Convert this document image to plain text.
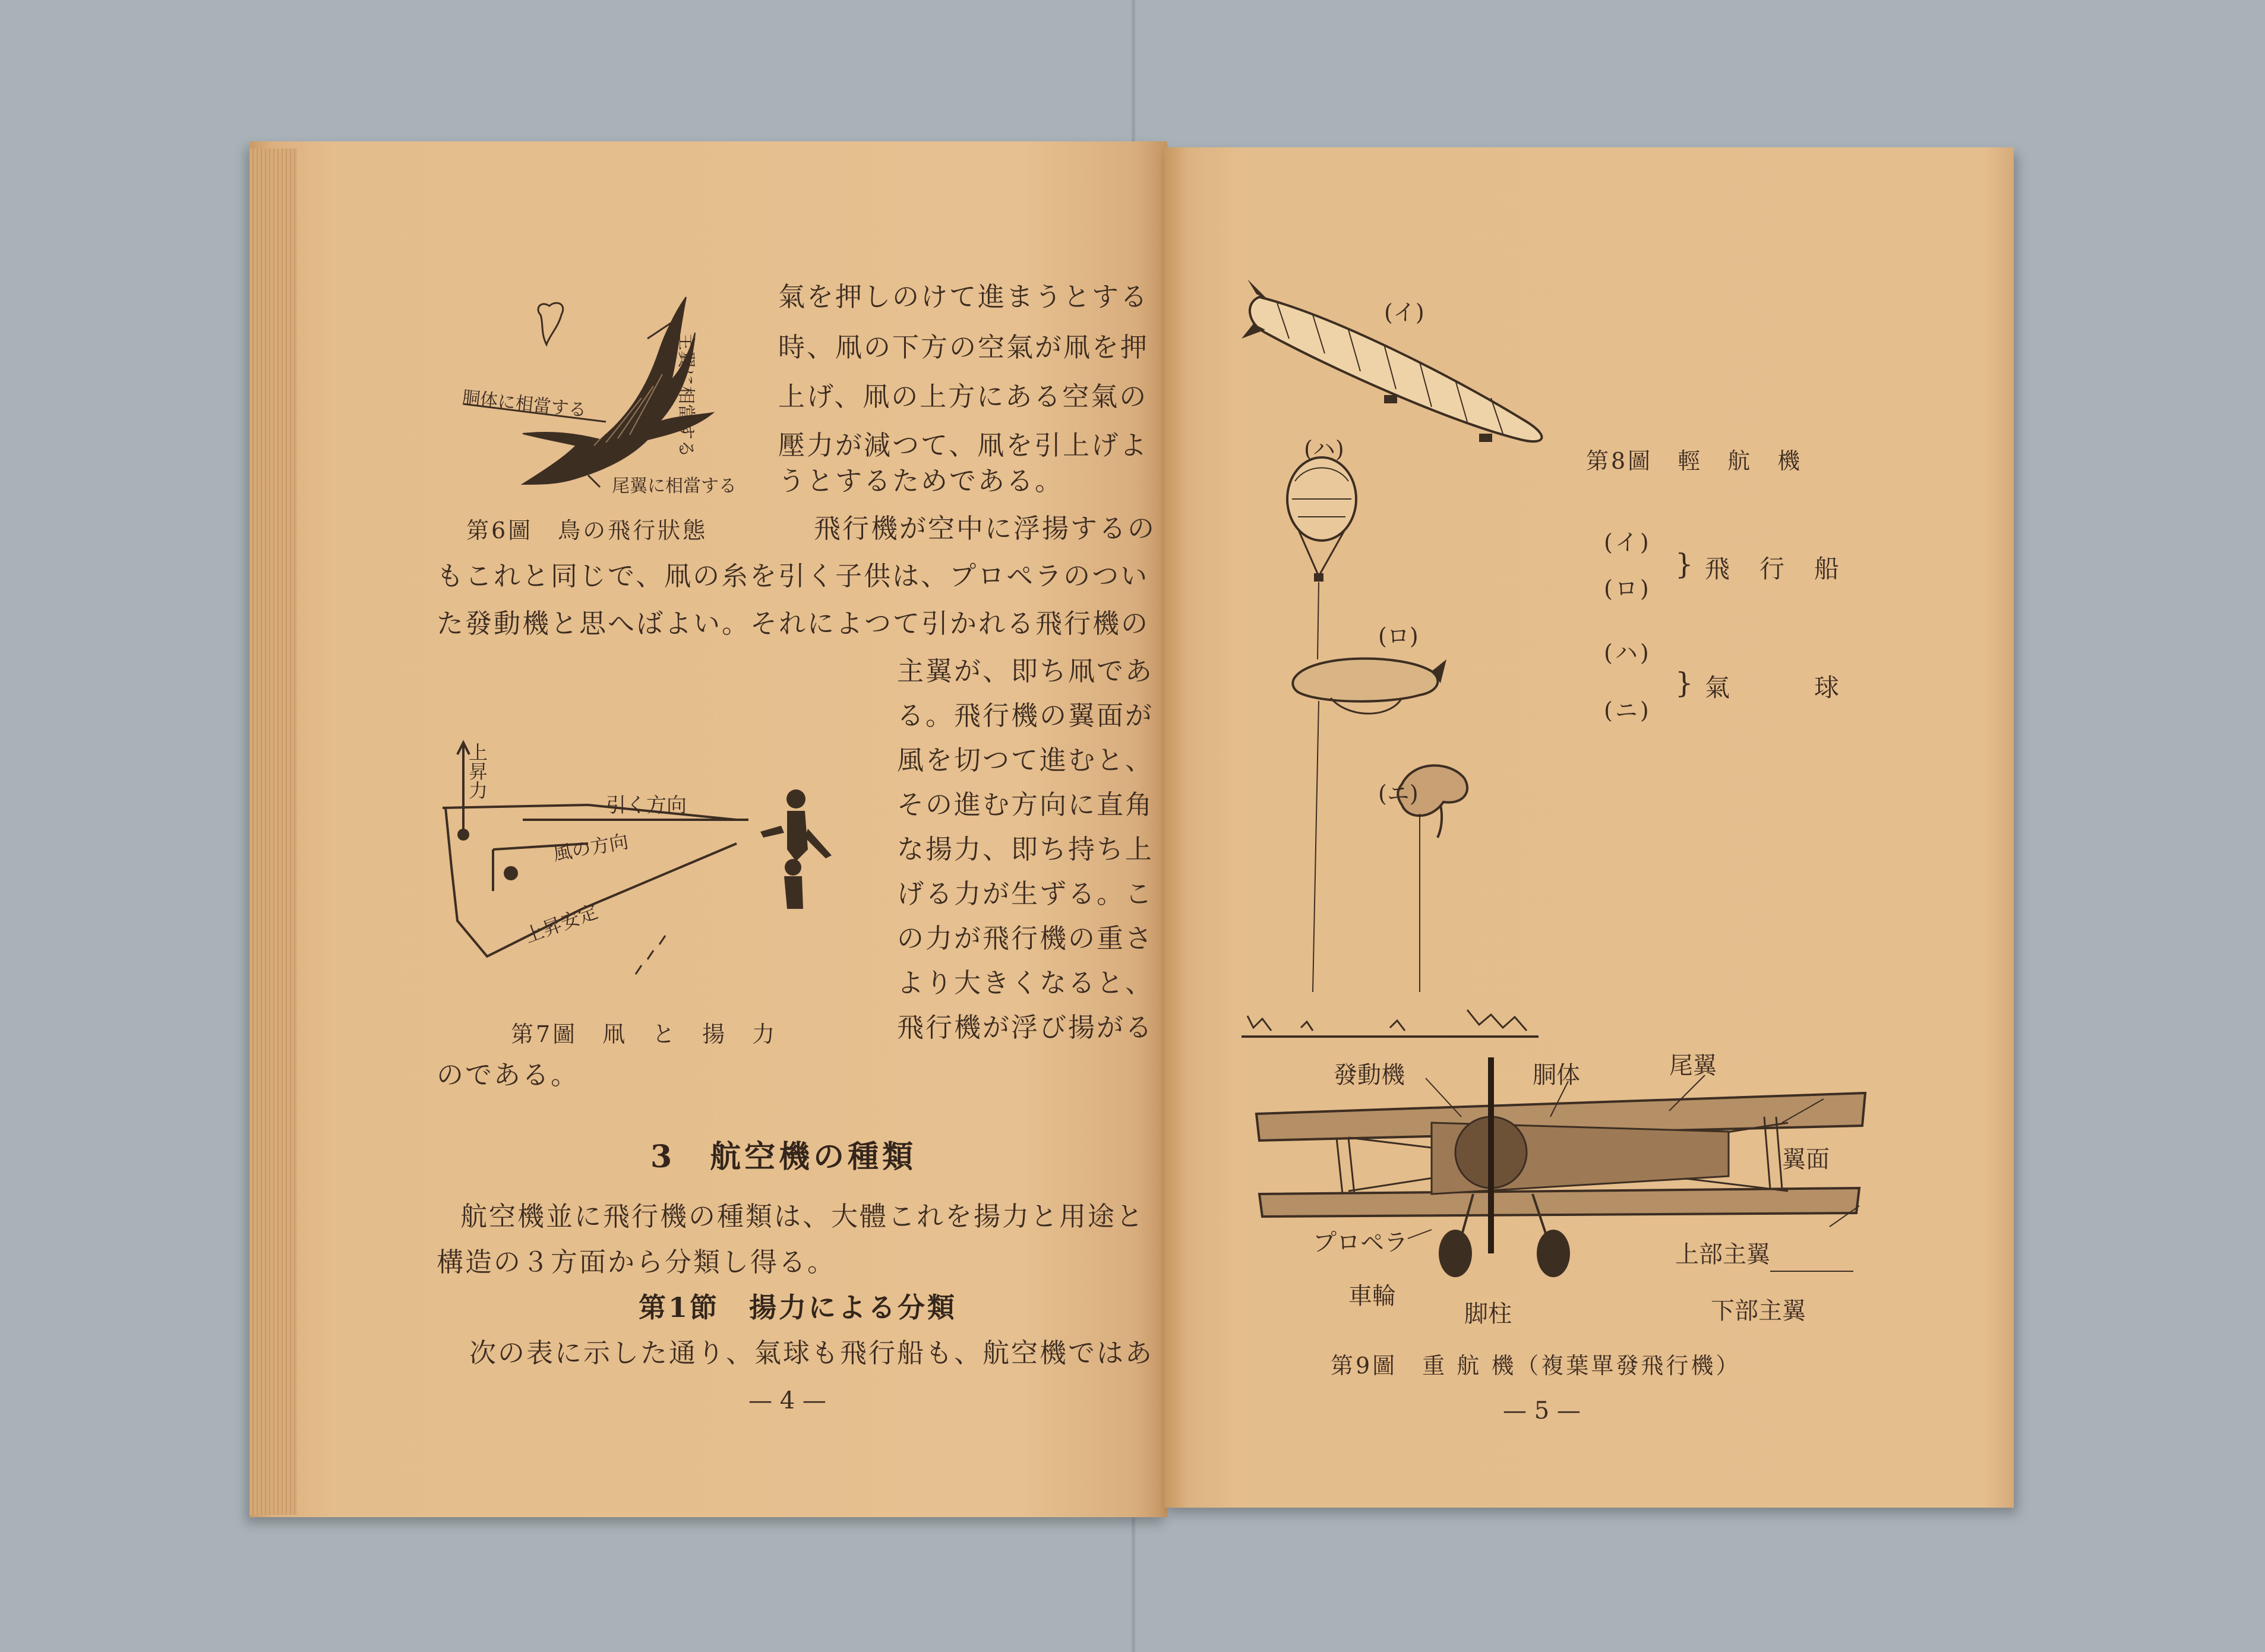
胴体に相當する	主翼に相當する
尾翼に相當する
氣を押しのけて進まうとする
時、凧の下方の空氣が凧を押
上げ、凧の上方にある空氣の
壓力が減つて、凧を引上げよ
うとするためである。
第6圖　鳥の飛行狀態	飛行機が空中に浮揚するの
もこれと同じで、凧の糸を引く子供は、プロペラのつい
た發動機と思へばよい。それによつて引かれる飛行機の
主翼が、即ち凧であ
る。飛行機の翼面が
風を切つて進むと、
その進む方向に直角
な揚力、即ち持ち上
げる力が生ずる。こ
の力が飛行機の重さ
より大きくなると、
飛行機が浮び揚がる
上昇力
引く方向
風の方向
上昇安定
第7圖　凧　と　揚　力
のである。
3　航空機の種類
航空機並に飛行機の種類は、大體これを揚力と用途と
構造の３方面から分類し得る。
第1節　揚力による分類
次の表に示した通り、氣球も飛行船も、航空機ではあ
— 4 —
(イ)
(ハ)
(ロ)
(ニ)
第8圖　輕　航　機
(イ)
(ロ)
} 飛　行　船
(ハ)
(ニ)
} 氣　　　球
發動機	胴体	尾翼
翼面
プロペラ	上部主翼
車輪
脚柱	下部主翼
第9圖　重 航 機（複葉單發飛行機）
— 5 —
